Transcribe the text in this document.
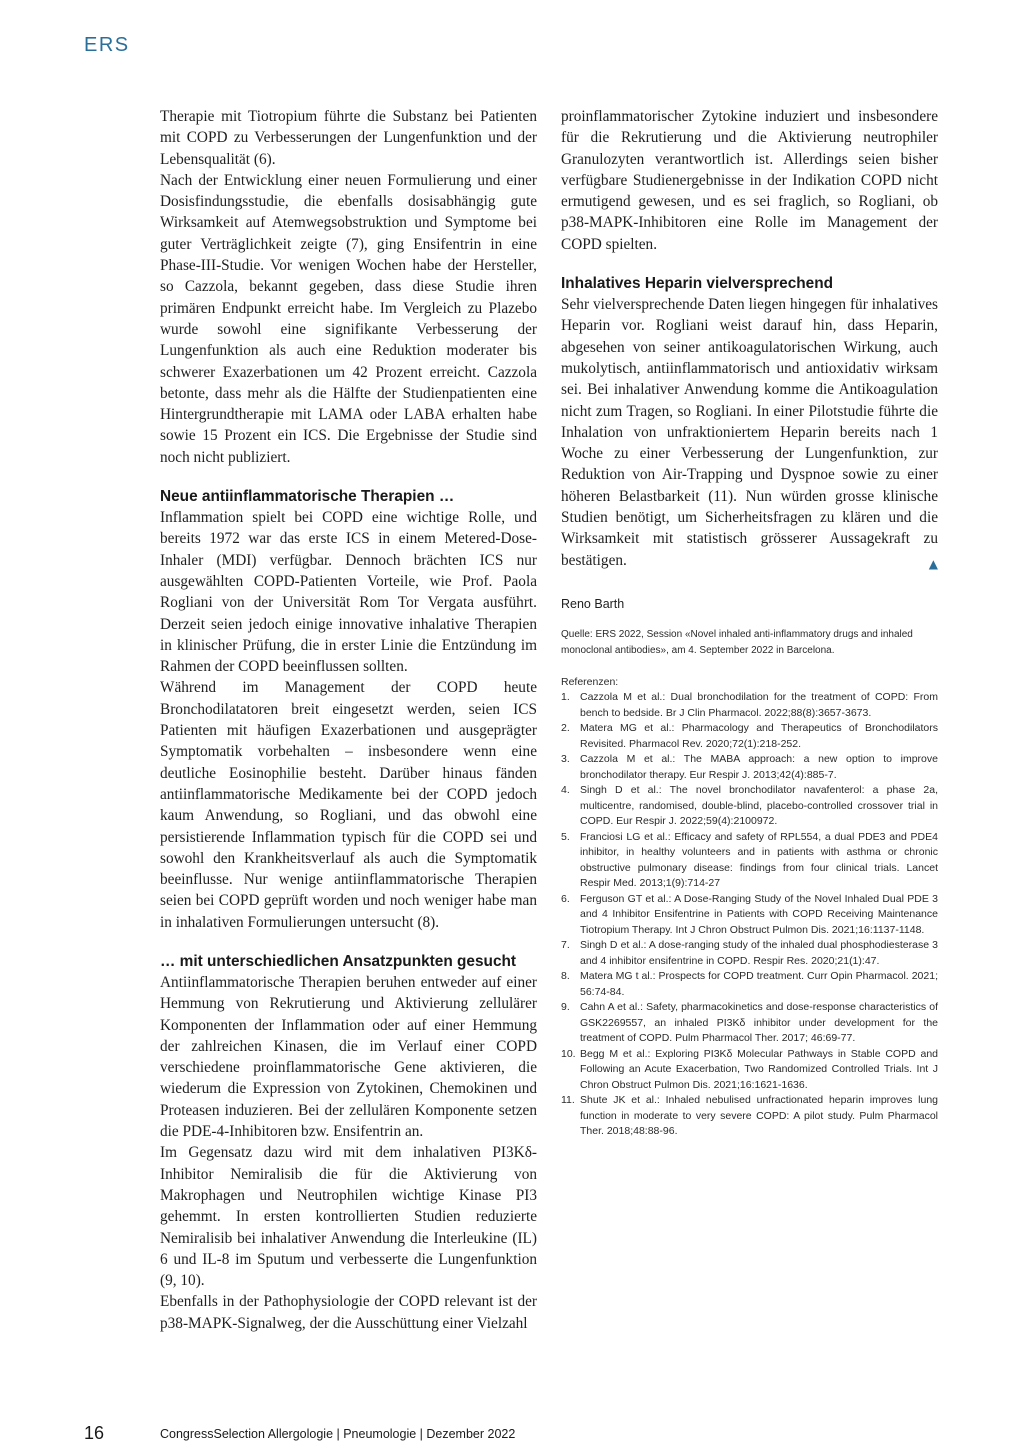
ERS

Therapie mit Tiotropium führte die Substanz bei Patienten mit COPD zu Verbesserungen der Lungenfunktion und der Lebensqualität (6).

Nach der Entwicklung einer neuen Formulierung und einer Dosisfindungsstudie, die ebenfalls dosisabhängig gute Wirksamkeit auf Atemwegsobstruktion und Symptome bei guter Verträglichkeit zeigte (7), ging Ensifentrin in eine Phase-III-Studie. Vor wenigen Wochen habe der Hersteller, so Cazzola, bekannt gegeben, dass diese Studie ihren primären Endpunkt erreicht habe. Im Vergleich zu Plazebo wurde sowohl eine signifikante Verbesserung der Lungenfunktion als auch eine Reduktion moderater bis schwerer Exazerbationen um 42 Prozent erreicht. Cazzola betonte, dass mehr als die Hälfte der Studienpatienten eine Hintergrundtherapie mit LAMA oder LABA erhalten habe sowie 15 Prozent ein ICS. Die Ergebnisse der Studie sind noch nicht publiziert.

Neue antiinflammatorische Therapien …

Inflammation spielt bei COPD eine wichtige Rolle, und bereits 1972 war das erste ICS in einem Metered-Dose-Inhaler (MDI) verfügbar. Dennoch brächten ICS nur ausgewählten COPD-Patienten Vorteile, wie Prof. Paola Rogliani von der Universität Rom Tor Vergata ausführt. Derzeit seien jedoch einige innovative inhalative Therapien in klinischer Prüfung, die in erster Linie die Entzündung im Rahmen der COPD beeinflussen sollten.

Während im Management der COPD heute Bronchodilatatoren breit eingesetzt werden, seien ICS Patienten mit häufigen Exazerbationen und ausgeprägter Symptomatik vorbehalten – insbesondere wenn eine deutliche Eosinophilie besteht. Darüber hinaus fänden antiinflammatorische Medikamente bei der COPD jedoch kaum Anwendung, so Rogliani, und das obwohl eine persistierende Inflammation typisch für die COPD sei und sowohl den Krankheitsverlauf als auch die Symptomatik beeinflusse. Nur wenige antiinflammatorische Therapien seien bei COPD geprüft worden und noch weniger habe man in inhalativen Formulierungen untersucht (8).

… mit unterschiedlichen Ansatzpunkten gesucht

Antiinflammatorische Therapien beruhen entweder auf einer Hemmung von Rekrutierung und Aktivierung zellulärer Komponenten der Inflammation oder auf einer Hemmung der zahlreichen Kinasen, die im Verlauf einer COPD verschiedene proinflammatorische Gene aktivieren, die wiederum die Expression von Zytokinen, Chemokinen und Proteasen induzieren. Bei der zellulären Komponente setzen die PDE-4-Inhibitoren bzw. Ensifentrin an.

Im Gegensatz dazu wird mit dem inhalativen PI3Kδ-Inhibitor Nemiralisib die für die Aktivierung von Makrophagen und Neutrophilen wichtige Kinase PI3 gehemmt. In ersten kontrollierten Studien reduzierte Nemiralisib bei inhalativer Anwendung die Interleukine (IL) 6 und IL-8 im Sputum und verbesserte die Lungenfunktion (9, 10).

Ebenfalls in der Pathophysiologie der COPD relevant ist der p38-MAPK-Signalweg, der die Ausschüttung einer Vielzahl

proinflammatorischer Zytokine induziert und insbesondere für die Rekrutierung und die Aktivierung neutrophiler Granulozyten verantwortlich ist. Allerdings seien bisher verfügbare Studienergebnisse in der Indikation COPD nicht ermutigend gewesen, und es sei fraglich, so Rogliani, ob p38-MAPK-Inhibitoren eine Rolle im Management der COPD spielten.

Inhalatives Heparin vielversprechend

Sehr vielversprechende Daten liegen hingegen für inhalatives Heparin vor. Rogliani weist darauf hin, dass Heparin, abgesehen von seiner antikoagulatorischen Wirkung, auch mukolytisch, antiinflammatorisch und antioxidativ wirksam sei. Bei inhalativer Anwendung komme die Antikoagulation nicht zum Tragen, so Rogliani. In einer Pilotstudie führte die Inhalation von unfraktioniertem Heparin bereits nach 1 Woche zu einer Verbesserung der Lungenfunktion, zur Reduktion von Air-Trapping und Dyspnoe sowie zu einer höheren Belastbarkeit (11). Nun würden grosse klinische Studien benötigt, um Sicherheitsfragen zu klären und die Wirksamkeit mit statistisch grösserer Aussagekraft zu bestätigen.	▲

Reno Barth

Quelle: ERS 2022, Session «Novel inhaled anti-inflammatory drugs and inhaled monoclonal antibodies», am 4. September 2022 in Barcelona.

Referenzen:

1. Cazzola M et al.: Dual bronchodilation for the treatment of COPD: From bench to bedside. Br J Clin Pharmacol. 2022;88(8):3657-3673.
2. Matera MG et al.: Pharmacology and Therapeutics of Bronchodilators Revisited. Pharmacol Rev. 2020;72(1):218-252.
3. Cazzola M et al.: The MABA approach: a new option to improve bronchodilator therapy. Eur Respir J. 2013;42(4):885-7.
4. Singh D et al.: The novel bronchodilator navafenterol: a phase 2a, multicentre, randomised, double-blind, placebo-controlled crossover trial in COPD. Eur Respir J. 2022;59(4):2100972.
5. Franciosi LG et al.: Efficacy and safety of RPL554, a dual PDE3 and PDE4 inhibitor, in healthy volunteers and in patients with asthma or chronic obstructive pulmonary disease: findings from four clinical trials. Lancet Respir Med. 2013;1(9):714-27
6. Ferguson GT et al.: A Dose-Ranging Study of the Novel Inhaled Dual PDE 3 and 4 Inhibitor Ensifentrine in Patients with COPD Receiving Maintenance Tiotropium Therapy. Int J Chron Obstruct Pulmon Dis. 2021;16:1137-1148.
7. Singh D et al.: A dose-ranging study of the inhaled dual phosphodiesterase 3 and 4 inhibitor ensifentrine in COPD. Respir Res. 2020;21(1):47.
8. Matera MG t al.: Prospects for COPD treatment. Curr Opin Pharmacol. 2021; 56:74-84.
9. Cahn A et al.: Safety, pharmacokinetics and dose-response characteristics of GSK2269557, an inhaled PI3Kδ inhibitor under development for the treatment of COPD. Pulm Pharmacol Ther. 2017; 46:69-77.
10. Begg M et al.: Exploring PI3Kδ Molecular Pathways in Stable COPD and Following an Acute Exacerbation, Two Randomized Controlled Trials. Int J Chron Obstruct Pulmon Dis. 2021;16:1621-1636.
11. Shute JK et al.: Inhaled nebulised unfractionated heparin improves lung function in moderate to very severe COPD: A pilot study. Pulm Pharmacol Ther. 2018;48:88-96.
16	CongressSelection Allergologie | Pneumologie | Dezember 2022
